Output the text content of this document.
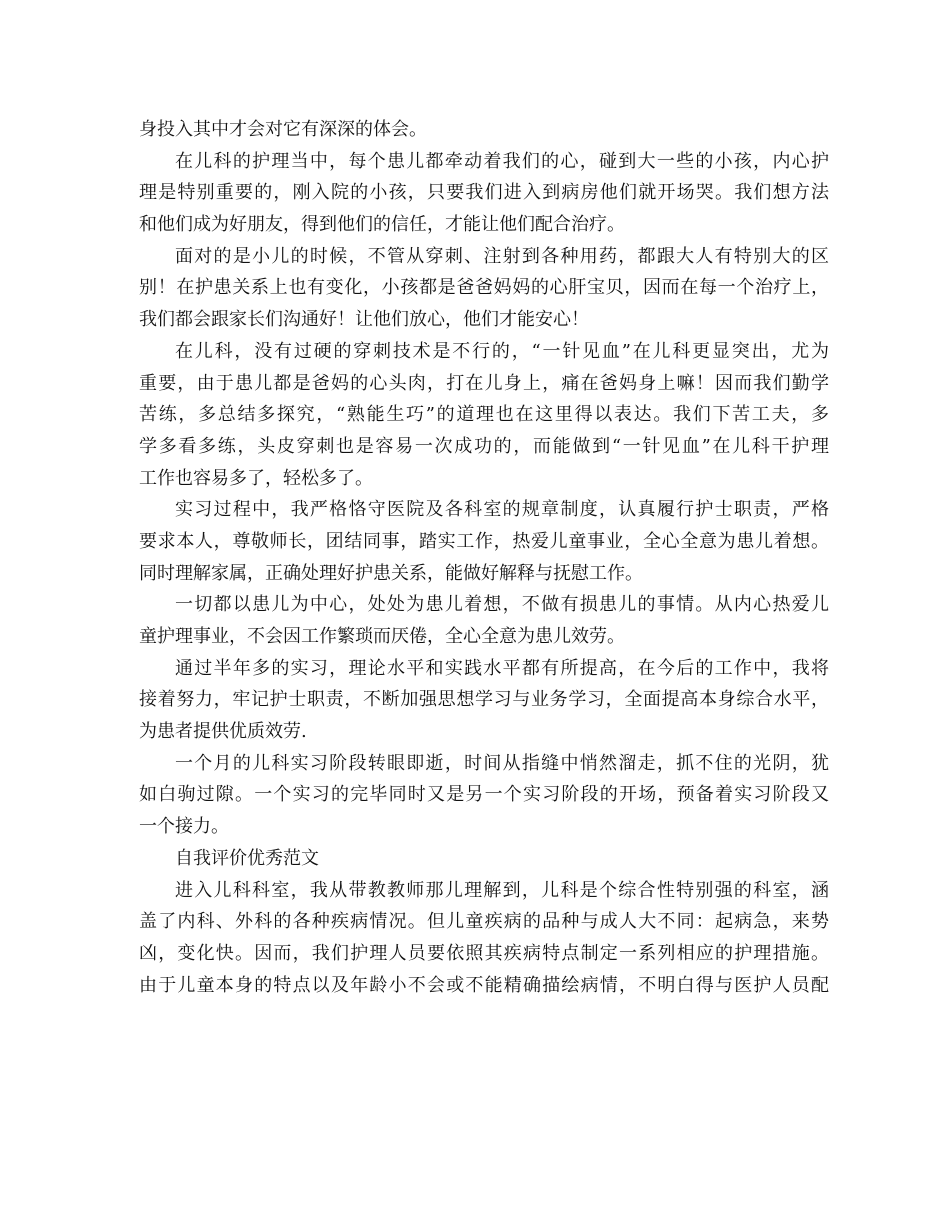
身投入其中才会对它有深深的体会。
在儿科的护理当中，每个患儿都牵动着我们的心，碰到大一些的小孩，内心护
理是特别重要的，刚入院的小孩，只要我们进入到病房他们就开场哭。我们想方法
和他们成为好朋友，得到他们的信任，才能让他们配合治疗。
面对的是小儿的时候，不管从穿刺、注射到各种用药，都跟大人有特别大的区
别！在护患关系上也有变化，小孩都是爸爸妈妈的心肝宝贝，因而在每一个治疗上，
我们都会跟家长们沟通好！让他们放心，他们才能安心！
在儿科，没有过硬的穿刺技术是不行的，“一针见血”在儿科更显突出，尤为
重要，由于患儿都是爸妈的心头肉，打在儿身上，痛在爸妈身上嘛！因而我们勤学
苦练，多总结多探究，“熟能生巧”的道理也在这里得以表达。我们下苦工夫，多
学多看多练，头皮穿刺也是容易一次成功的，而能做到“一针见血”在儿科干护理
工作也容易多了，轻松多了。
实习过程中，我严格恪守医院及各科室的规章制度，认真履行护士职责，严格
要求本人，尊敬师长，团结同事，踏实工作，热爱儿童事业，全心全意为患儿着想。
同时理解家属，正确处理好护患关系，能做好解释与抚慰工作。
一切都以患儿为中心，处处为患儿着想，不做有损患儿的事情。从内心热爱儿
童护理事业，不会因工作繁琐而厌倦，全心全意为患儿效劳。
通过半年多的实习，理论水平和实践水平都有所提高，在今后的工作中，我将
接着努力，牢记护士职责，不断加强思想学习与业务学习，全面提高本身综合水平，
为患者提供优质效劳.
一个月的儿科实习阶段转眼即逝，时间从指缝中悄然溜走，抓不住的光阴，犹
如白驹过隙。一个实习的完毕同时又是另一个实习阶段的开场，预备着实习阶段又
一个接力。
自我评价优秀范文
进入儿科科室，我从带教教师那儿理解到，儿科是个综合性特别强的科室，涵
盖了内科、外科的各种疾病情况。但儿童疾病的品种与成人大不同：起病急，来势
凶，变化快。因而，我们护理人员要依照其疾病特点制定一系列相应的护理措施。
由于儿童本身的特点以及年龄小不会或不能精确描绘病情，不明白得与医护人员配
